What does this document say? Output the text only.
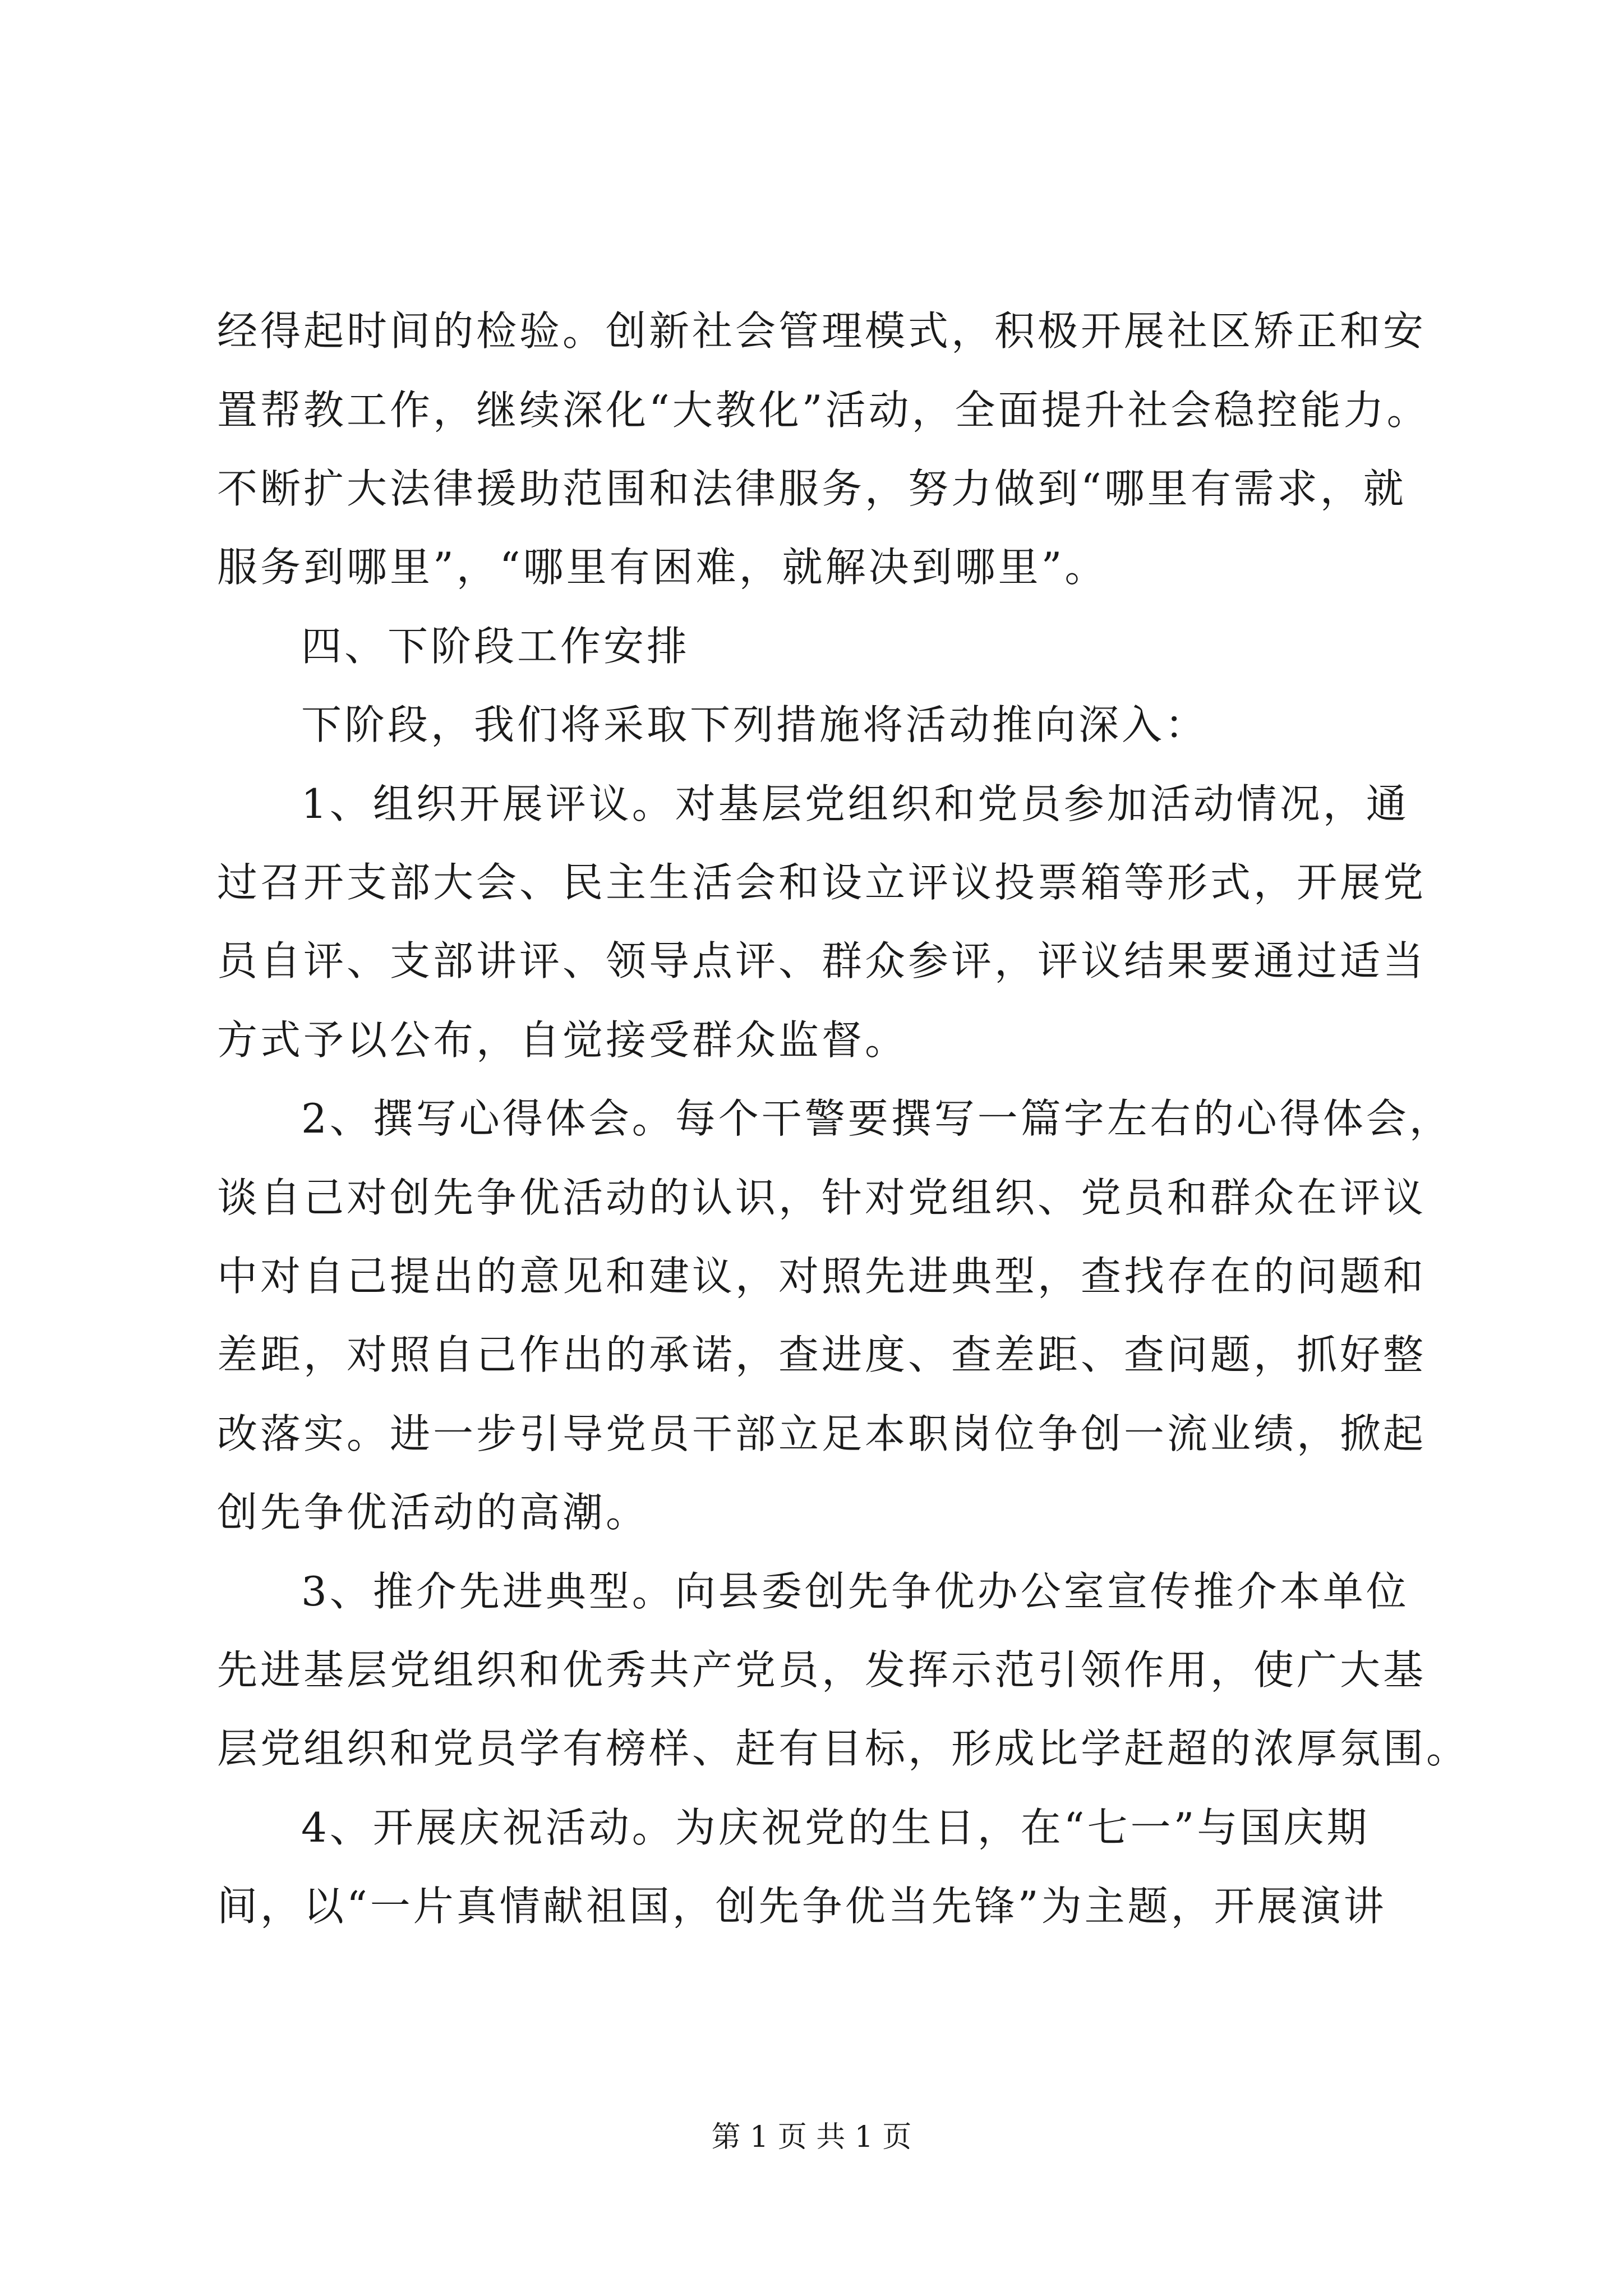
经得起时间的检验。创新社会管理模式，积极开展社区矫正和安
置帮教工作，继续深化“大教化”活动，全面提升社会稳控能力。
不断扩大法律援助范围和法律服务，努力做到“哪里有需求，就
服务到哪里”，“哪里有困难，就解决到哪里”。
四、下阶段工作安排
下阶段，我们将采取下列措施将活动推向深入：
1、组织开展评议。对基层党组织和党员参加活动情况，通
过召开支部大会、民主生活会和设立评议投票箱等形式，开展党
员自评、支部讲评、领导点评、群众参评，评议结果要通过适当
方式予以公布，自觉接受群众监督。
2、撰写心得体会。每个干警要撰写一篇字左右的心得体会，
谈自己对创先争优活动的认识，针对党组织、党员和群众在评议
中对自己提出的意见和建议，对照先进典型，查找存在的问题和
差距，对照自己作出的承诺，查进度、查差距、查问题，抓好整
改落实。进一步引导党员干部立足本职岗位争创一流业绩，掀起
创先争优活动的高潮。
3、推介先进典型。向县委创先争优办公室宣传推介本单位
先进基层党组织和优秀共产党员，发挥示范引领作用，使广大基
层党组织和党员学有榜样、赶有目标，形成比学赶超的浓厚氛围。
4、开展庆祝活动。为庆祝党的生日，在“七一”与国庆期
间，以“一片真情献祖国，创先争优当先锋”为主题，开展演讲
第 1 页 共 1 页
